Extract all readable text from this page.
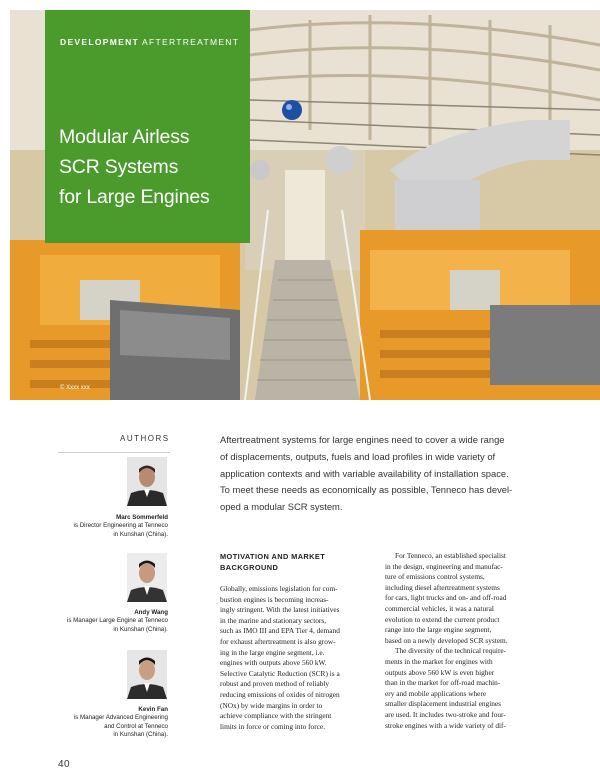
© Xxxx xxx
DEVELOPMENT AFTERTREATMENT
Modular Airless
SCR Systems
for Large Engines
AUTHORS
Marc Sommerfeld
is Director Engineering at Tenneco
in Kunshan (China).
Andy Wang
is Manager Large Engine at Tenneco
in Kunshan (China).
Kevin Fan
is Manager Advanced Engineering
and Control at Tenneco
in Kunshan (China).
Aftertreatment systems for large engines need to cover a wide range
of displacements, outputs, fuels and load profiles in wide variety of
application contexts and with variable availability of installation space.
To meet these needs as economically as possible, Tenneco has devel-
oped a modular SCR system.
MOTIVATION AND MARKET
BACKGROUND
Globally, emissions legislation for com-
bustion engines is becoming increas-
ingly stringent. With the latest initiatives
in the marine and stationary sectors,
such as IMO III and EPA Tier 4, demand
for exhaust aftertreatment is also grow-
ing in the large engine segment, i.e.
engines with outputs above 560 kW.
Selective Catalytic Reduction (SCR) is a
robust and proven method of reliably
reducing emissions of oxides of nitrogen
(NOx) by wide margins in order to
achieve compliance with the stringent
limits in force or coming into force.
For Tenneco, an established specialist
in the design, engineering and manufac-
ture of emissions control systems,
including diesel aftertreatment systems
for cars, light trucks and on- and off-road
commercial vehicles, it was a natural
evolution to extend the current product
range into the large engine segment,
based on a newly developed SCR system.
The diversity of the technical require-
ments in the market for engines with
outputs above 560 kW is even higher
than in the market for off-road machin-
ery and mobile applications where
smaller displacement industrial engines
are used. It includes two-stroke and four-
stroke engines with a wide variety of dif-
40
